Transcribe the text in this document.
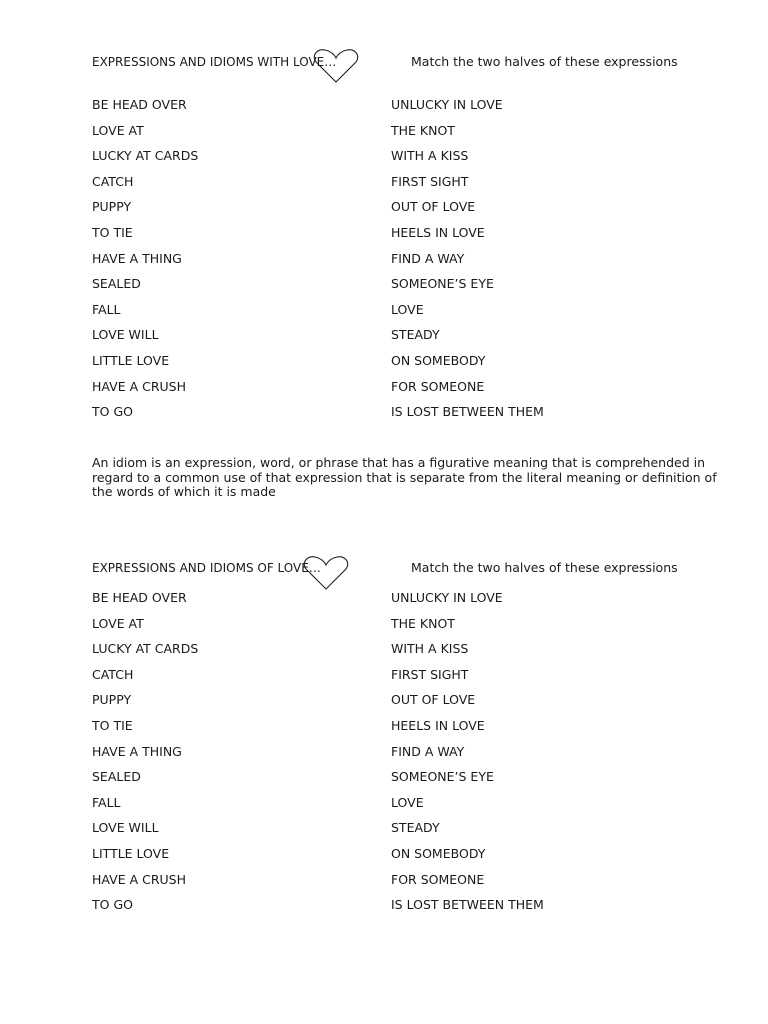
EXPRESSIONS AND IDIOMS WITH LOVE…	Match the two halves of these expressions
BE HEAD OVER
LOVE AT
LUCKY AT CARDS
CATCH
PUPPY
TO TIE
HAVE A THING
SEALED
FALL
LOVE WILL
LITTLE LOVE
HAVE A CRUSH
TO GO
UNLUCKY IN LOVE
THE KNOT
WITH A KISS
FIRST SIGHT
OUT OF LOVE
HEELS IN LOVE
FIND A WAY
SOMEONE’S EYE
LOVE
STEADY
ON SOMEBODY
FOR SOMEONE
IS LOST BETWEEN THEM

An idiom is an expression, word, or phrase that has a figurative meaning that is comprehended in regard to a common use of that expression that is separate from the literal meaning or definition of the words of which it is made

EXPRESSIONS AND IDIOMS OF LOVE…	Match the two halves of these expressions
BE HEAD OVER
LOVE AT
LUCKY AT CARDS
CATCH
PUPPY
TO TIE
HAVE A THING
SEALED
FALL
LOVE WILL
LITTLE LOVE
HAVE A CRUSH
TO GO
UNLUCKY IN LOVE
THE KNOT
WITH A KISS
FIRST SIGHT
OUT OF LOVE
HEELS IN LOVE
FIND A WAY
SOMEONE’S EYE
LOVE
STEADY
ON SOMEBODY
FOR SOMEONE
IS LOST BETWEEN THEM
